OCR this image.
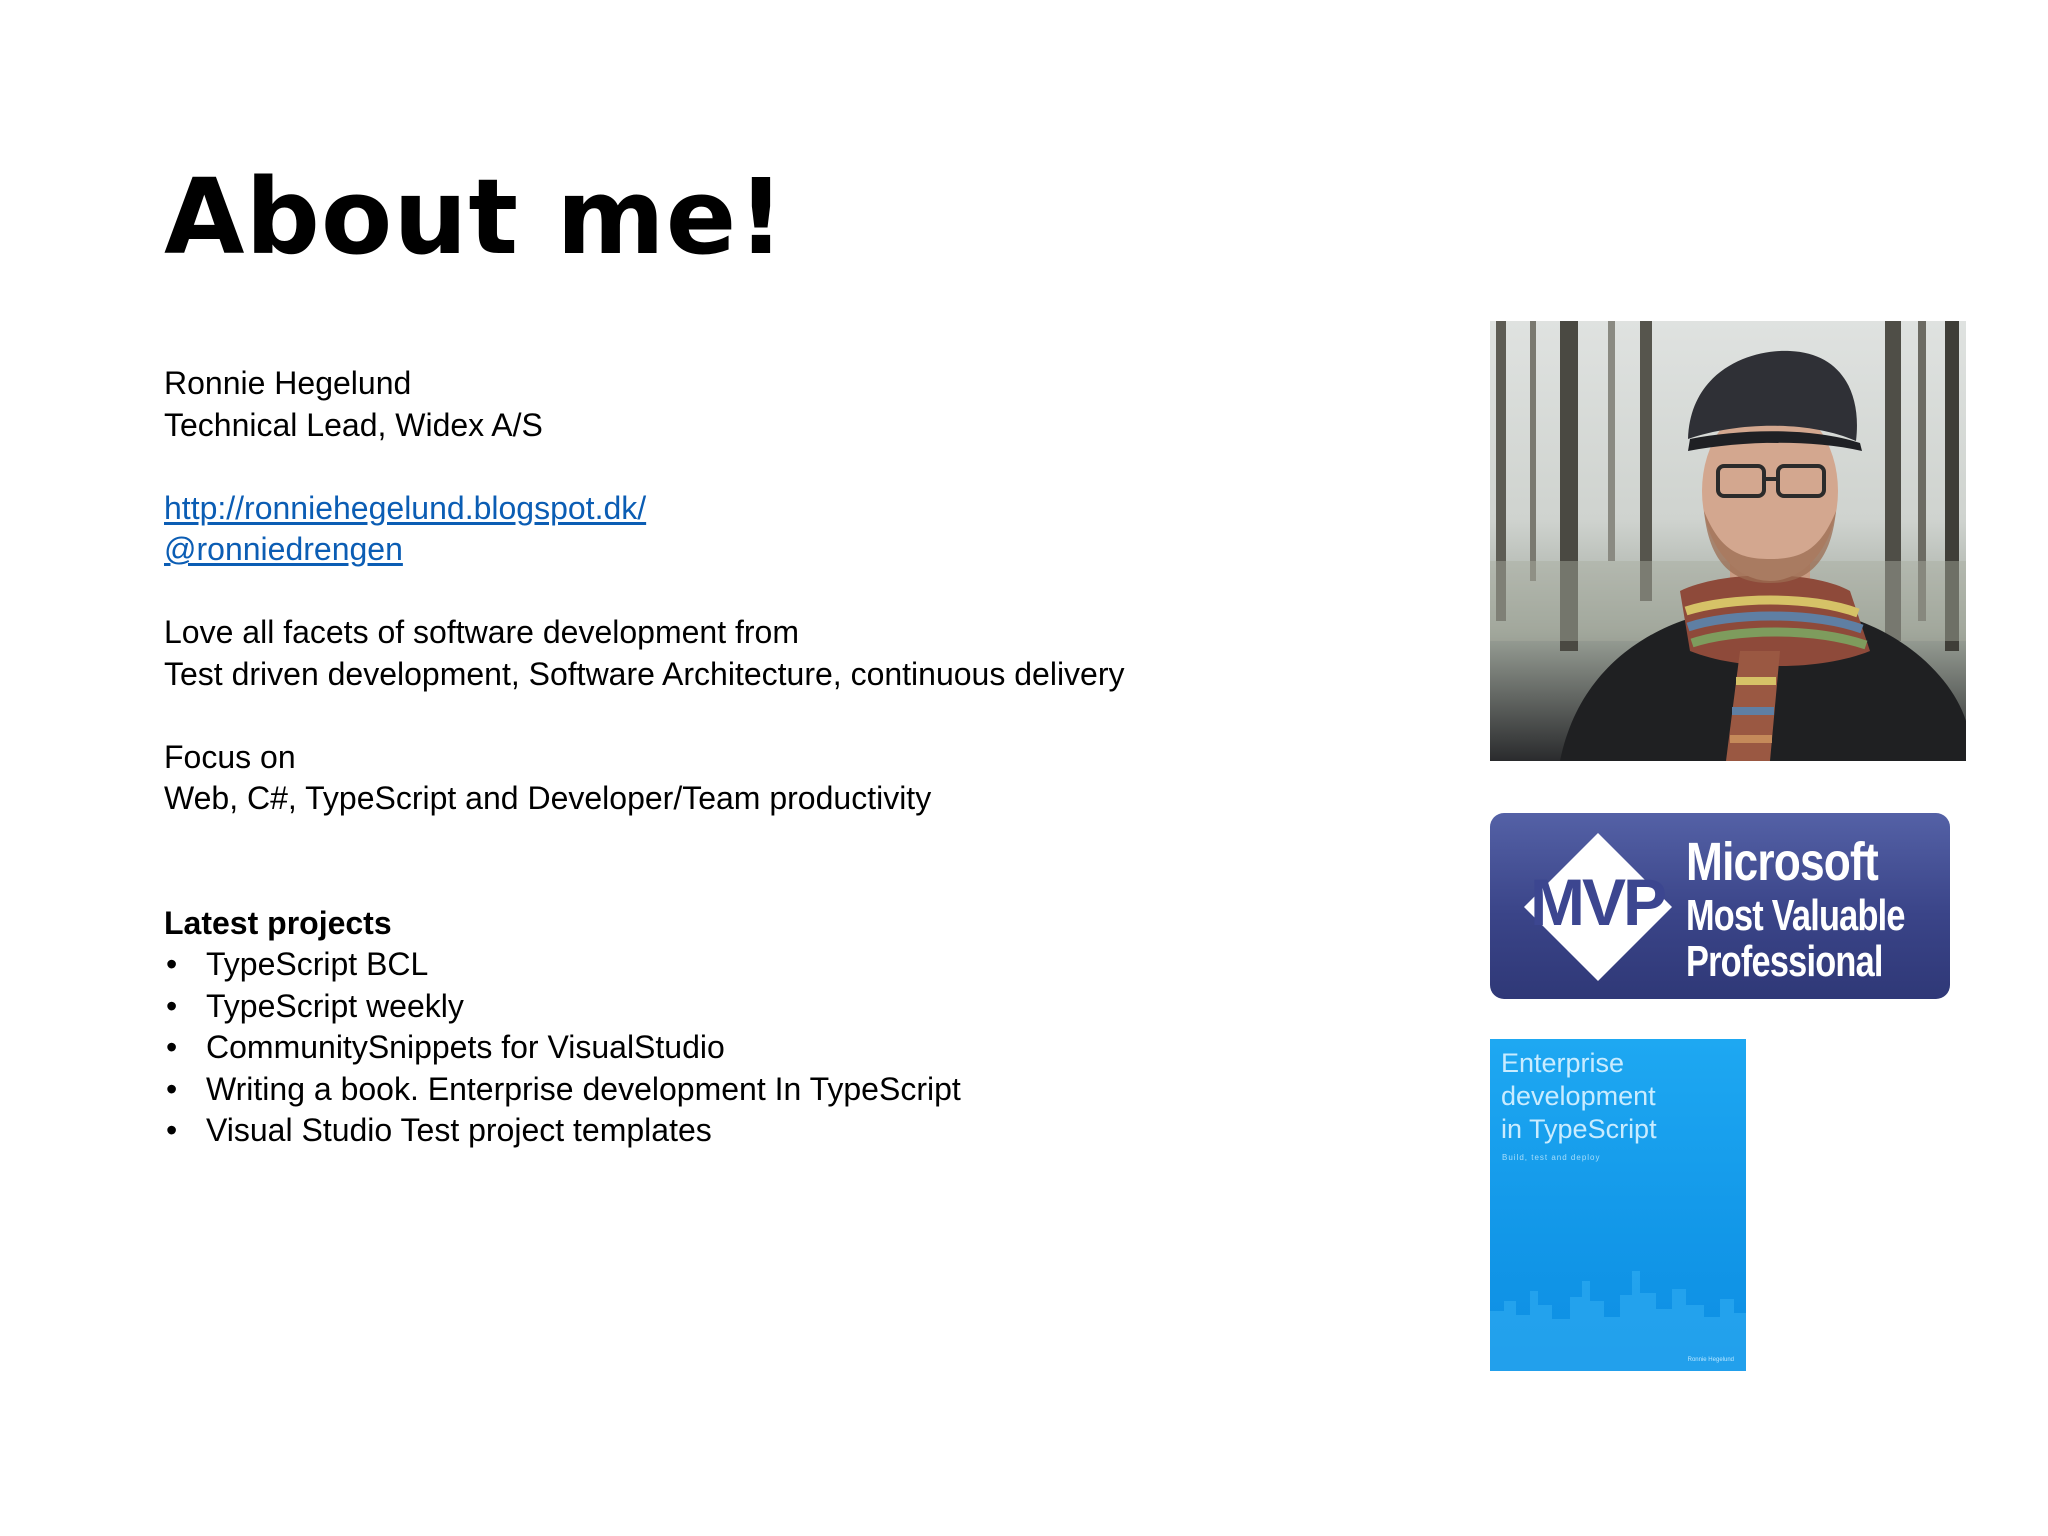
About me!
Ronnie Hegelund
Technical Lead, Widex A/S
http://ronniehegelund.blogspot.dk/
@ronniedrengen
Love all facets of software development from
Test driven development, Software Architecture, continuous delivery
Focus on
Web, C#, TypeScript and Developer/Team productivity
Latest projects
• TypeScript BCL
• TypeScript weekly
• CommunitySnippets for VisualStudio
• Writing a book. Enterprise development In TypeScript
• Visual Studio Test project templates
MVP
Microsoft
Most Valuable
Professional
Enterprise
development
in TypeScript
Build, test and deploy
Ronnie Hegelund
